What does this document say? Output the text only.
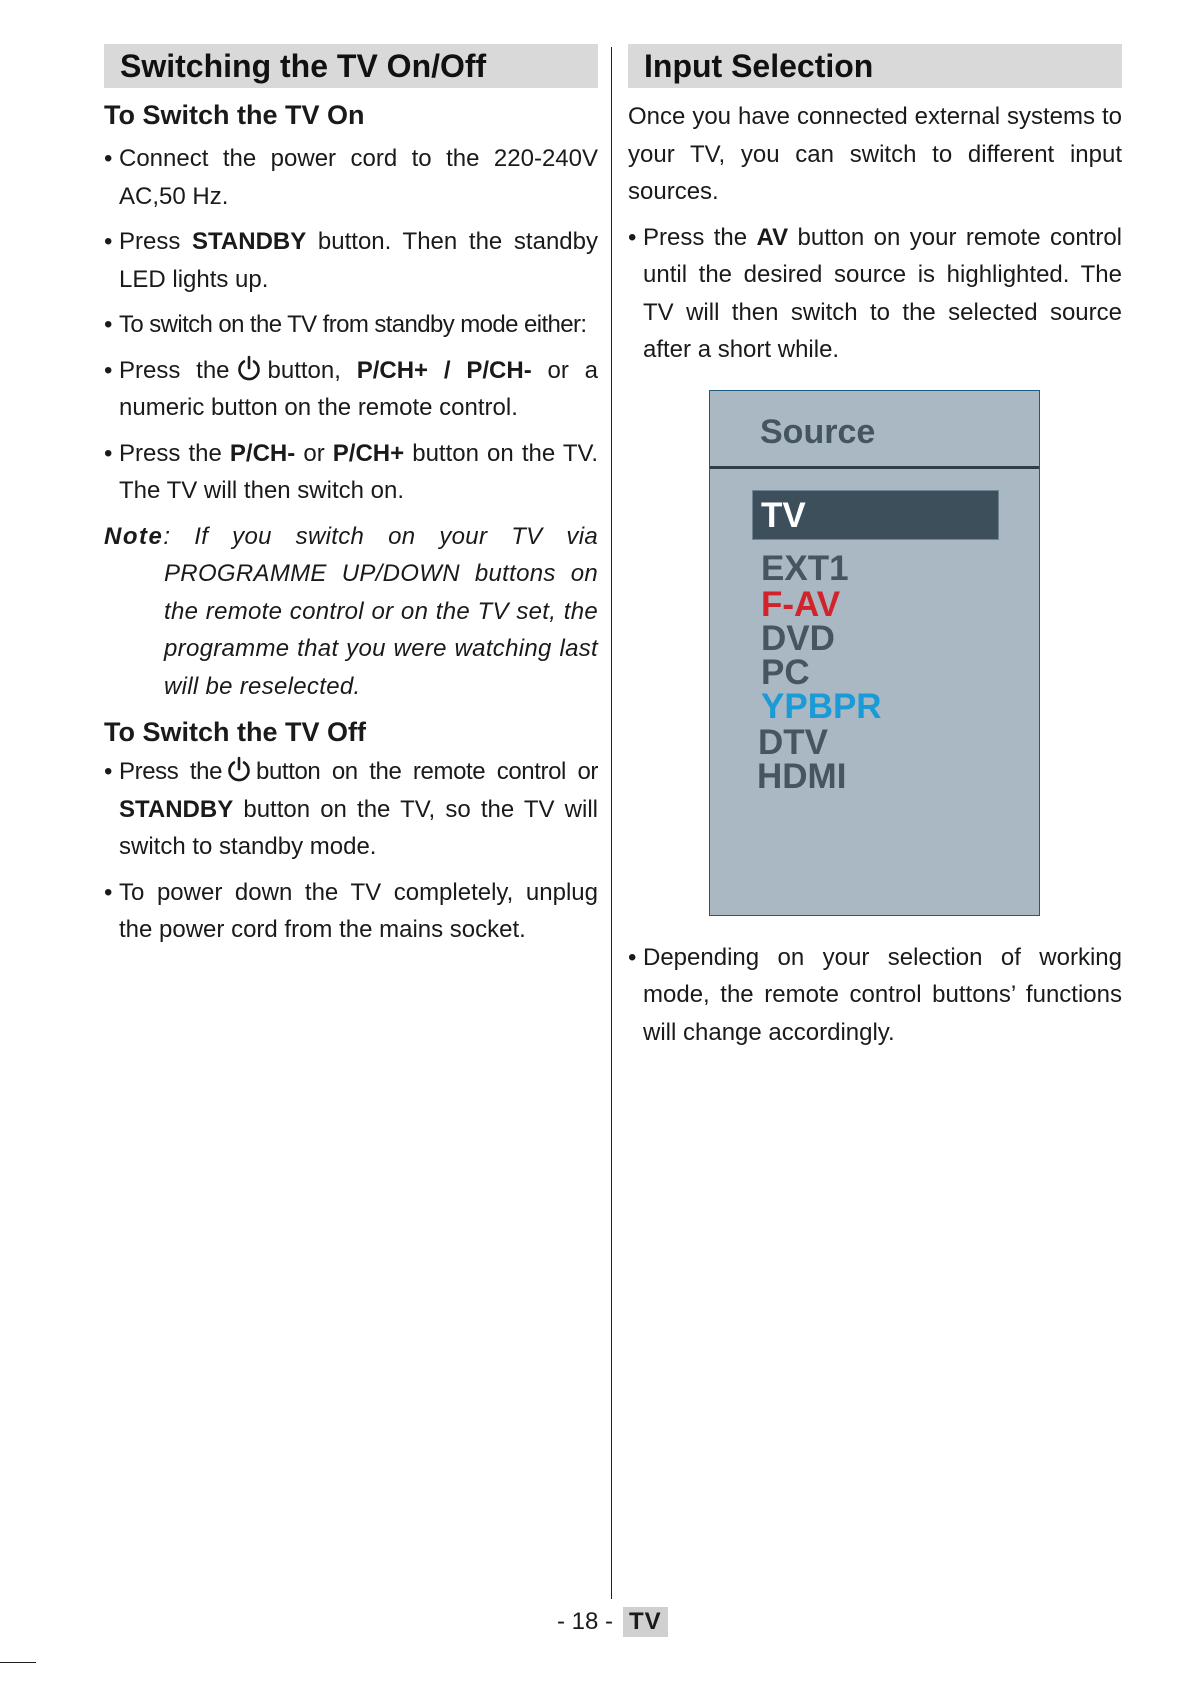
Switching the TV On/Off
To Switch the TV On
• Connect the power cord to the 220-240V AC,50 Hz.
• Press STANDBY button. Then the standby LED lights up.
• To switch on the TV from standby mode either:
• Press the button, P/CH+ / P/CH- or a numeric button on the remote control.
• Press the P/CH- or P/CH+ button on the TV. The TV will then switch on.
Note: If you switch on your TV via
PROGRAMME UP/DOWN buttons on the remote control or on the TV set, the programme that you were watching last will be reselected.
To Switch the TV Off
• Press the button on the remote control or STANDBY button on the TV, so the TV will switch to standby mode.
• To power down the TV completely, unplug the power cord from the mains socket.
Input Selection

Once you have connected external systems to your TV, you can switch to different input sources.

• Press the AV button on your remote control until the desired source is highlighted. The TV will then switch to the selected source after a short while.
• Depending on your selection of working mode, the remote control buttons’ functions will change accordingly.
Source
TV
EXT1
F-AV
DVD
PC
YPBPR
DTV
HDMI
- 18 - TV
